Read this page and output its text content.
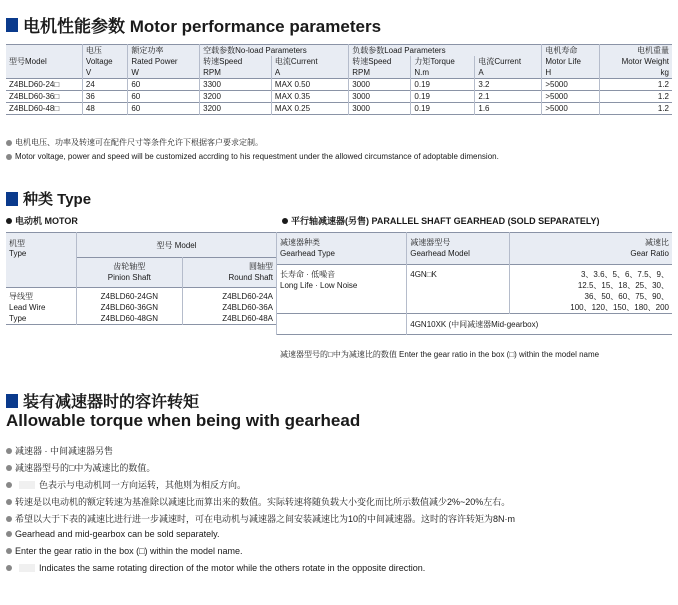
电机性能参数 Motor performance parameters
型号Model	电压	额定功率	空载参数No-load Parameters		负载参数Load Parameters			电机寿命	电机重量
	Voltage	Rated Power	转速Speed	电流Current	转速Speed	力矩Torque	电流Current	Motor Life	Motor Weight
	V	W	RPM	A	RPM	N.m	A	H	kg
Z4BLD60-24□	24	60	3300	MAX 0.50	3000	0.19	3.2	>5000	1.2
Z4BLD60-36□	36	60	3200	MAX 0.35	3000	0.19	2.1	>5000	1.2
Z4BLD60-48□	48	60	3200	MAX 0.25	3000	0.19	1.6	>5000	1.2
电机电压、功率及转速可在配件尺寸等条件允许下根据客户要求定制。
Motor voltage, power and speed will be customized accrding to his requestment under the allowed circumstance of adoptable dimension.
种类 Type
电动机 MOTOR	平行轴减速器(另售) PARALLEL SHAFT GEARHEAD (SOLD SEPARATELY)
机型
Type	型号 Model	
	齿轮轴型	圆轴型
	Pinion Shaft	Round Shaft

导线型	Z4BLD60-24GN	Z4BLD60-24A
Lead Wire	Z4BLD60-36GN	Z4BLD60-36A
Type	Z4BLD60-48GN	Z4BLD60-48A
减速器种类	减速器型号	减速比
Gearhead Type	Gearhead Model	Gear Ratio
长寿命 · 低噪音	4GN□K	3、3.6、5、6、7.5、9、
Long Life · Low Noise		12.5、15、18、25、30、
		36、50、60、75、90、
		100、120、150、180、200
	4GN10XK (中间减速器Mid-gearbox)	
减速器型号的□中为减速比的数值 Enter the gear ratio in the box (□) within the model name
装有减速器时的容许转矩
Allowable torque when being with gearhead
减速器 · 中间减速器另售
减速器型号的□中为减速比的数值。
色表示与电动机同一方向运转，其他则为相反方向。
转速是以电动机的额定转速为基准除以减速比而算出来的数值。实际转速将随负载大小变化而比所示数值减少2%~20%左右。
希望以大于下表的减速比进行进一步减速时，可在电动机与减速器之间安装减速比为10的中间减速器。这时的容许转矩为8N·m
Gearhead and mid-gearbox can be sold separately.
Enter the gear ratio in the box (□) within the model name.
Indicates the same rotating direction of the motor while the others rotate in the opposite direction.
